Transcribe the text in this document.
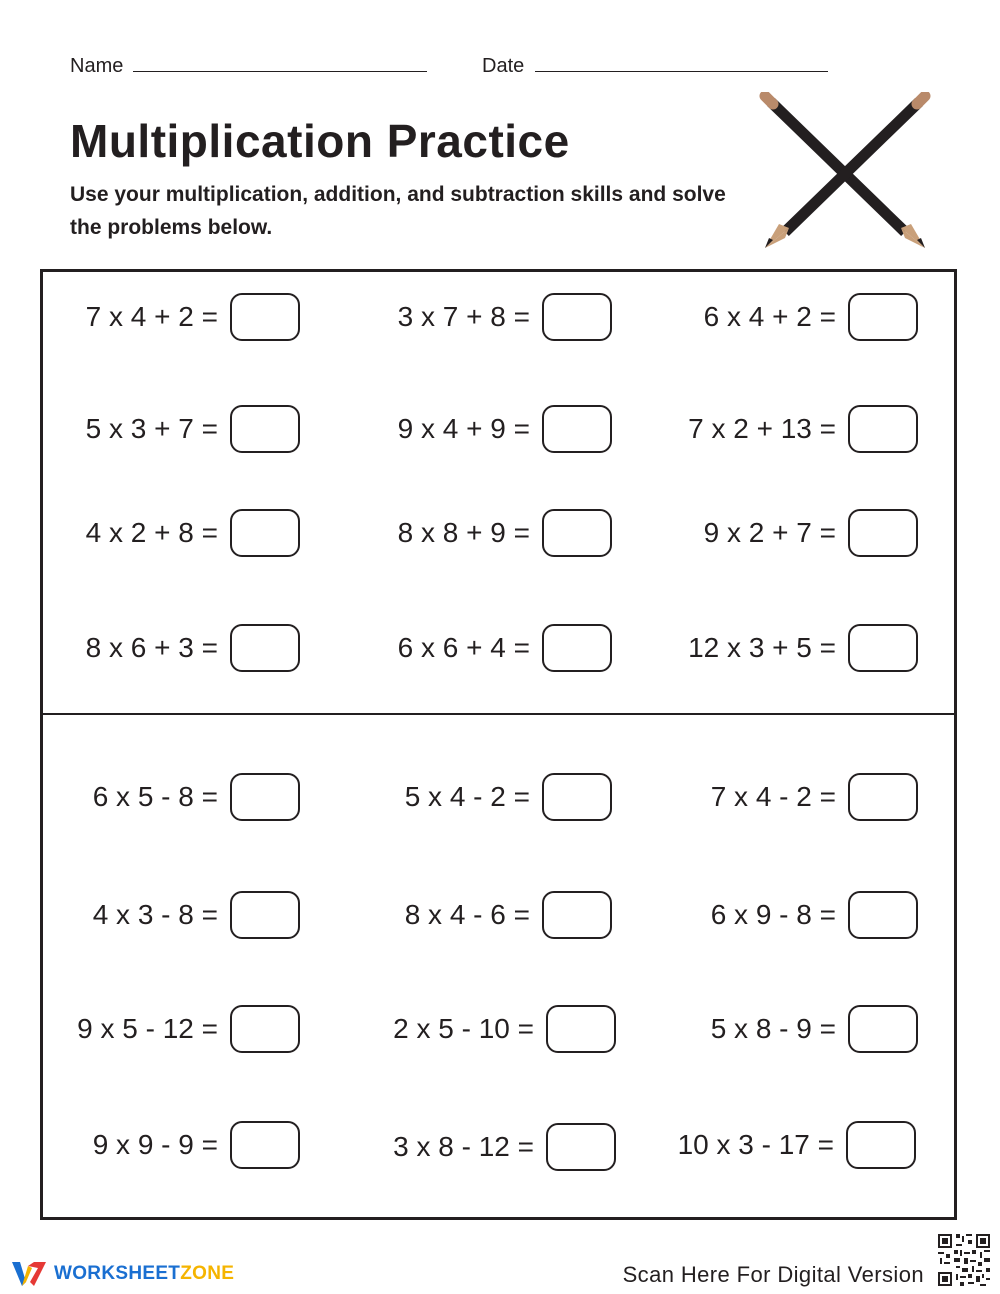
Name	Date
Multiplication Practice
Use your multiplication, addition, and subtraction skills and solve the problems below.
7 x 4 + 2 =
5 x 3 + 7 =
4 x 2 + 8 =
8 x 6 + 3 =
6 x 5 - 8 =
4 x 3 - 8 =
9 x 5 - 12 =
9 x 9 - 9 =
3 x 7 + 8 =
9 x 4 + 9 =
8 x 8 + 9 =
6 x 6 + 4 =
5 x 4 - 2 =
8 x 4 - 6 =
2 x 5 - 10 =
3 x 8 - 12 =
6 x 4 + 2 =
7 x 2 + 13 =
9 x 2 + 7 =
12 x 3 + 5 =
7 x 4 - 2 =
6 x 9 - 8 =
5 x 8 - 9 =
10 x 3 - 17 =
WORKSHEETZONE	Scan Here For Digital Version
